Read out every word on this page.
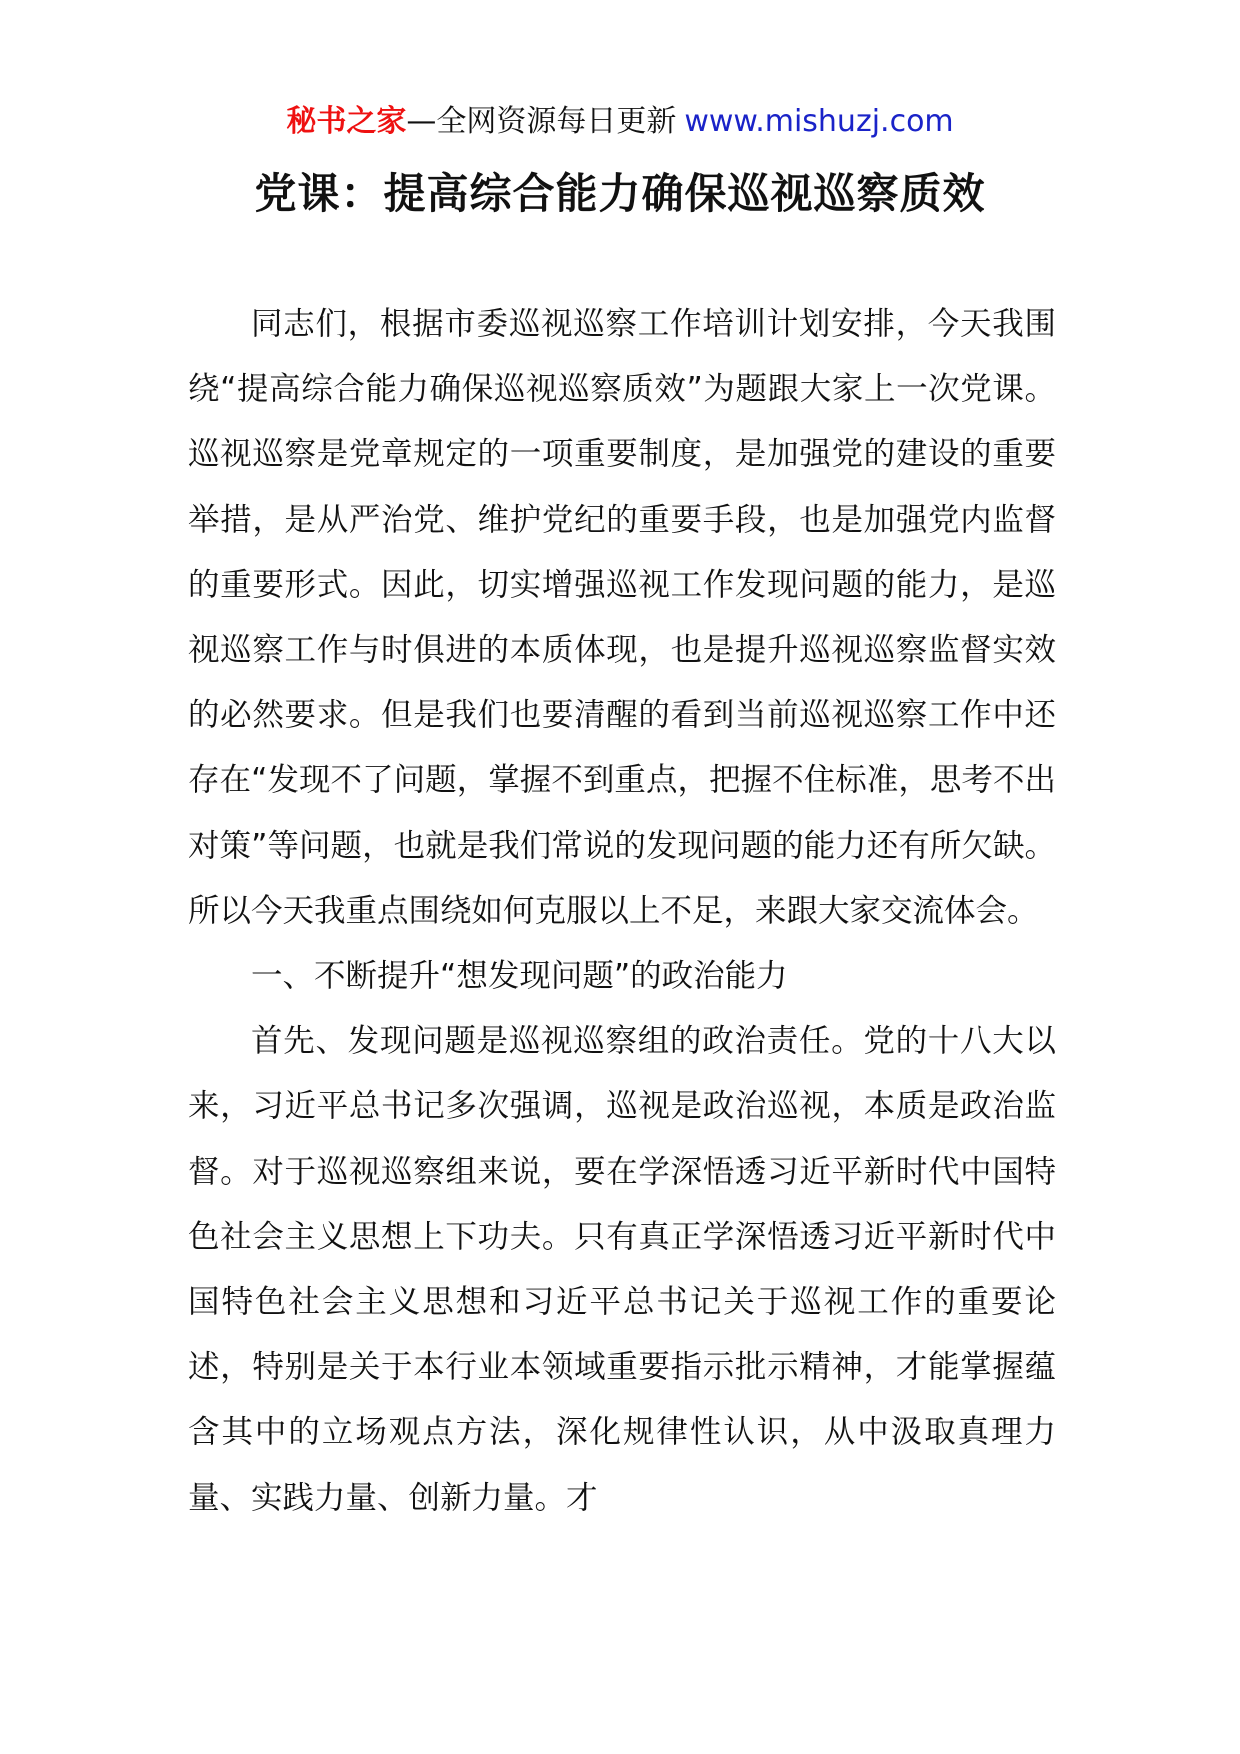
秘书之家—全网资源每日更新 www.mishuzj.com
党课：提高综合能力确保巡视巡察质效

同志们，根据市委巡视巡察工作培训计划安排，今天我围绕“提高综合能力确保巡视巡察质效”为题跟大家上一次党课。巡视巡察是党章规定的一项重要制度，是加强党的建设的重要举措，是从严治党、维护党纪的重要手段，也是加强党内监督的重要形式。因此，切实增强巡视工作发现问题的能力，是巡视巡察工作与时俱进的本质体现，也是提升巡视巡察监督实效的必然要求。但是我们也要清醒的看到当前巡视巡察工作中还存在“发现不了问题，掌握不到重点，把握不住标准，思考不出对策”等问题，也就是我们常说的发现问题的能力还有所欠缺。所以今天我重点围绕如何克服以上不足，来跟大家交流体会。

一、不断提升“想发现问题”的政治能力

首先、发现问题是巡视巡察组的政治责任。党的十八大以来，习近平总书记多次强调，巡视是政治巡视，本质是政治监督。对于巡视巡察组来说，要在学深悟透习近平新时代中国特色社会主义思想上下功夫。只有真正学深悟透习近平新时代中国特色社会主义思想和习近平总书记关于巡视工作的重要论述，特别是关于本行业本领域重要指示批示精神，才能掌握蕴含其中的立场观点方法，深化规律性认识，从中汲取真理力量、实践力量、创新力量。才
